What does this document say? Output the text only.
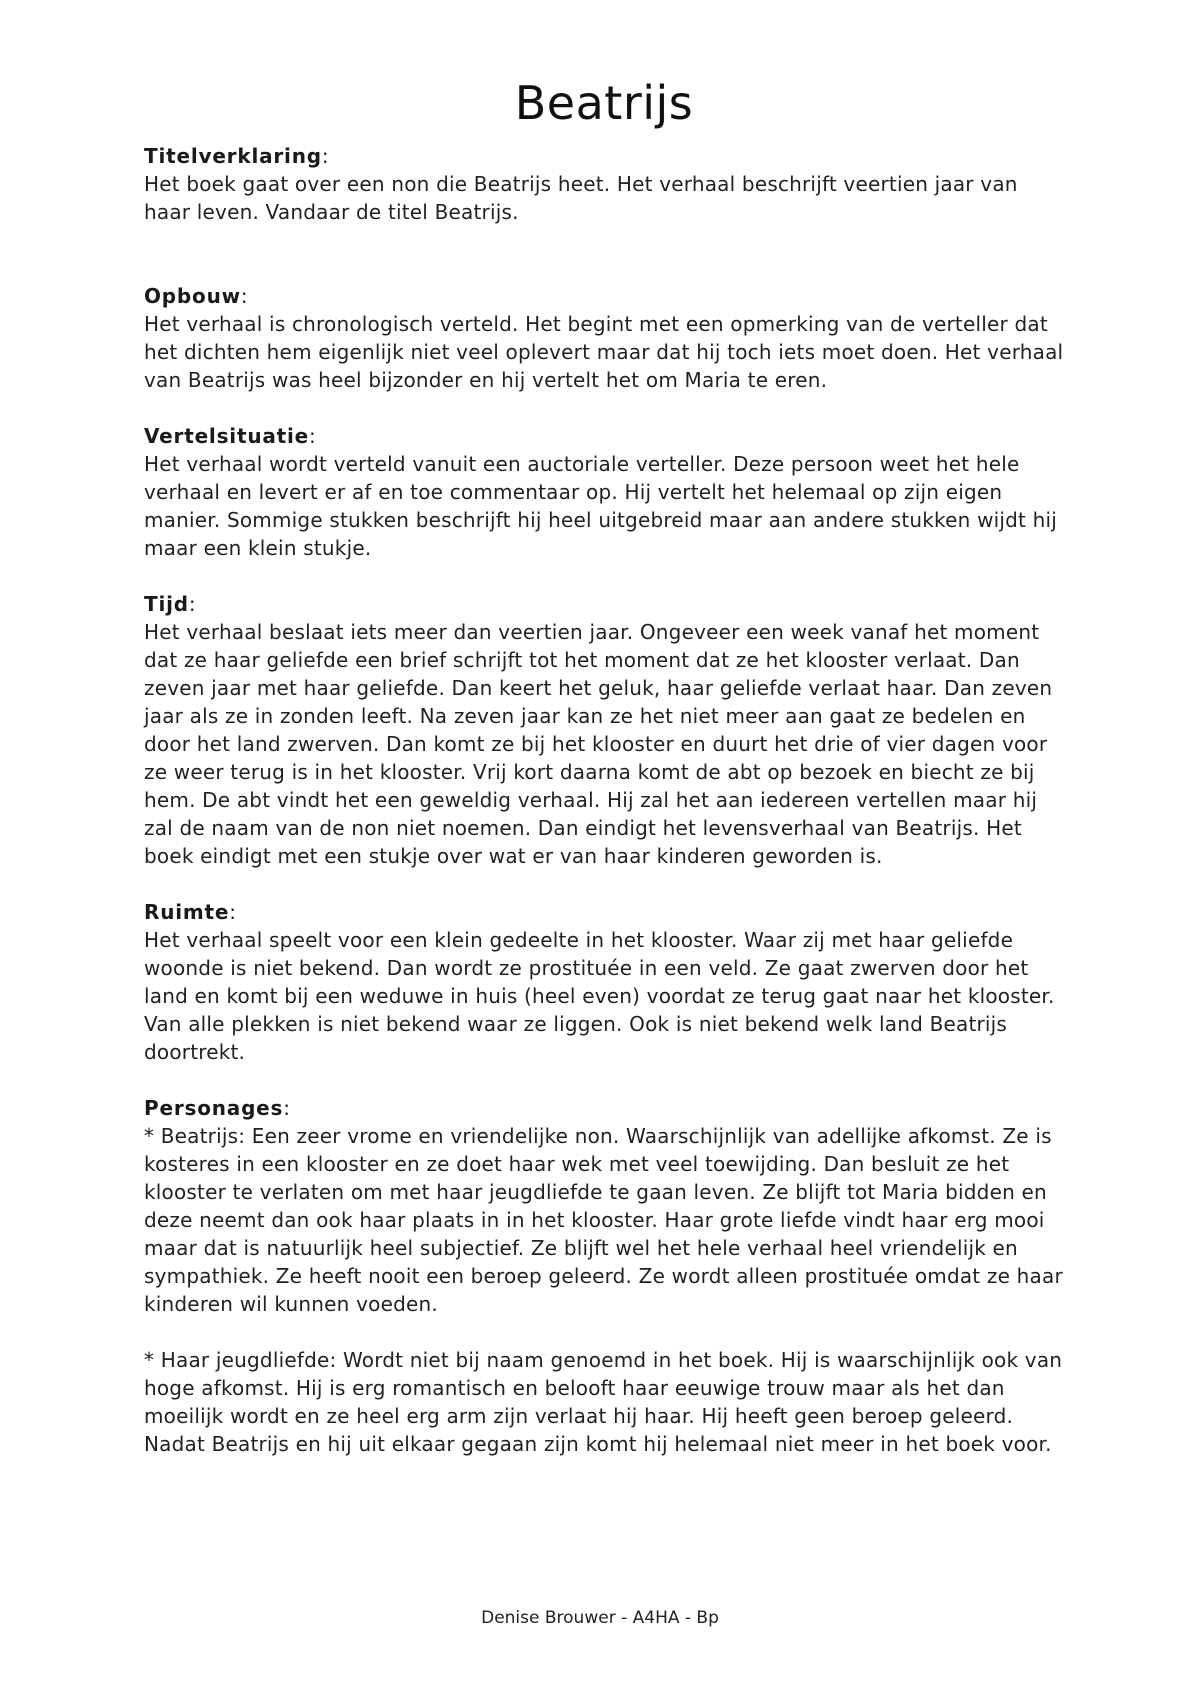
Beatrijs

Titelverklaring:

Het boek gaat over een non die Beatrijs heet. Het verhaal beschrijft veertien jaar van haar leven. Vandaar de titel Beatrijs.

Opbouw:

Het verhaal is chronologisch verteld. Het begint met een opmerking van de verteller dat het dichten hem eigenlijk niet veel oplevert maar dat hij toch iets moet doen. Het verhaal van Beatrijs was heel bijzonder en hij vertelt het om Maria te eren.

Vertelsituatie:

Het verhaal wordt verteld vanuit een auctoriale verteller. Deze persoon weet het hele verhaal en levert er af en toe commentaar op. Hij vertelt het helemaal op zijn eigen manier. Sommige stukken beschrijft hij heel uitgebreid maar aan andere stukken wijdt hij maar een klein stukje.

Tijd:

Het verhaal beslaat iets meer dan veertien jaar. Ongeveer een week vanaf het moment dat ze haar geliefde een brief schrijft tot het moment dat ze het klooster verlaat. Dan zeven jaar met haar geliefde. Dan keert het geluk, haar geliefde verlaat haar. Dan zeven jaar als ze in zonden leeft. Na zeven jaar kan ze het niet meer aan gaat ze bedelen en door het land zwerven. Dan komt ze bij het klooster en duurt het drie of vier dagen voor ze weer terug is in het klooster. Vrij kort daarna komt de abt op bezoek en biecht ze bij hem. De abt vindt het een geweldig verhaal. Hij zal het aan iedereen vertellen maar hij zal de naam van de non niet noemen. Dan eindigt het levensverhaal van Beatrijs. Het boek eindigt met een stukje over wat er van haar kinderen geworden is.

Ruimte:

Het verhaal speelt voor een klein gedeelte in het klooster. Waar zij met haar geliefde woonde is niet bekend. Dan wordt ze prostituée in een veld. Ze gaat zwerven door het land en komt bij een weduwe in huis (heel even) voordat ze terug gaat naar het klooster.

Van alle plekken is niet bekend waar ze liggen. Ook is niet bekend welk land Beatrijs doortrekt.

Personages:

* Beatrijs: Een zeer vrome en vriendelijke non. Waarschijnlijk van adellijke afkomst. Ze is kosteres in een klooster en ze doet haar wek met veel toewijding. Dan besluit ze het klooster te verlaten om met haar jeugdliefde te gaan leven. Ze blijft tot Maria bidden en deze neemt dan ook haar plaats in in het klooster. Haar grote liefde vindt haar erg mooi maar dat is natuurlijk heel subjectief. Ze blijft wel het hele verhaal heel vriendelijk en sympathiek. Ze heeft nooit een beroep geleerd. Ze wordt alleen prostituée omdat ze haar kinderen wil kunnen voeden.

* Haar jeugdliefde: Wordt niet bij naam genoemd in het boek. Hij is waarschijnlijk ook van hoge afkomst. Hij is erg romantisch en belooft haar eeuwige trouw maar als het dan moeilijk wordt en ze heel erg arm zijn verlaat hij haar. Hij heeft geen beroep geleerd. Nadat Beatrijs en hij uit elkaar gegaan zijn komt hij helemaal niet meer in het boek voor.

Denise Brouwer - A4HA - Bp
